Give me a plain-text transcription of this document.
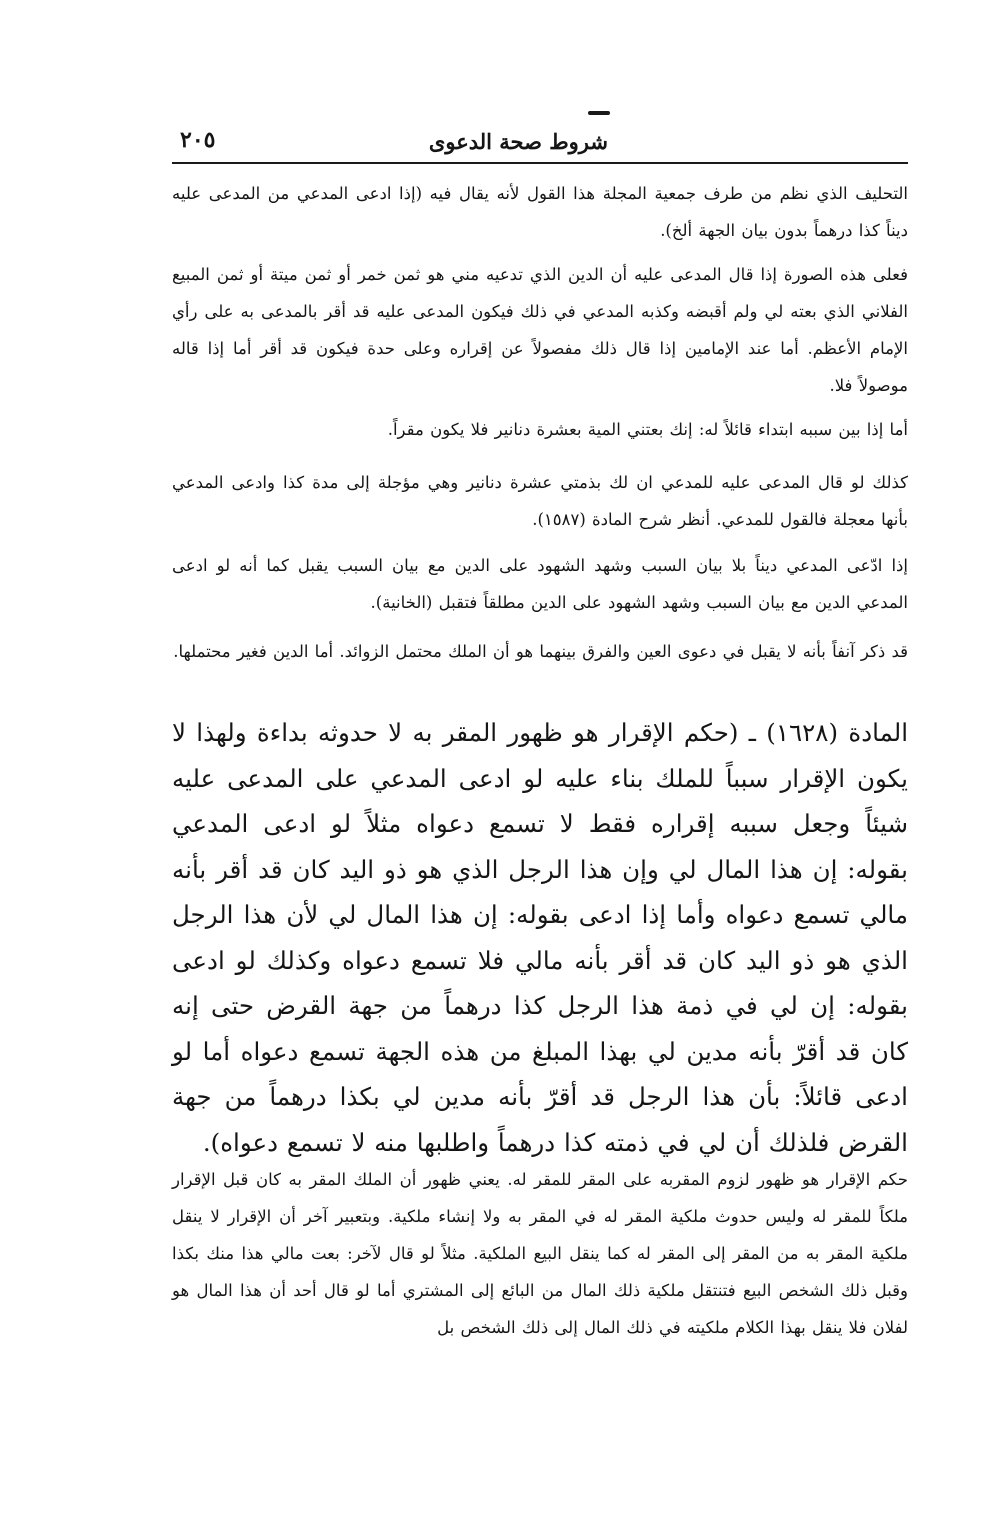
شروط صحة الدعوى
٢٠٥

التحليف الذي نظم من طرف جمعية المجلة هذا القول لأنه يقال فيه (إذا ادعى المدعي من المدعى عليه ديناً كذا درهماً بدون بيان الجهة ألخ).

فعلى هذه الصورة إذا قال المدعى عليه أن الدين الذي تدعيه مني هو ثمن خمر أو ثمن ميتة أو ثمن المبيع الفلاني الذي بعته لي ولم أقبضه وكذبه المدعي في ذلك فيكون المدعى عليه قد أقر بالمدعى به على رأي الإمام الأعظم. أما عند الإمامين إذا قال ذلك مفصولاً عن إقراره وعلى حدة فيكون قد أقر أما إذا قاله موصولاً فلا.

أما إذا بين سببه ابتداء قائلاً له: إنك بعتني المية بعشرة دنانير فلا يكون مقراً.

كذلك لو قال المدعى عليه للمدعي ان لك بذمتي عشرة دنانير وهي مؤجلة إلى مدة كذا وادعى المدعي بأنها معجلة فالقول للمدعي. أنظر شرح المادة (١٥٨٧).

إذا ادّعى المدعي ديناً بلا بيان السبب وشهد الشهود على الدين مع بيان السبب يقبل كما أنه لو ادعى المدعي الدين مع بيان السبب وشهد الشهود على الدين مطلقاً فتقبل (الخانية).

قد ذكر آنفاً بأنه لا يقبل في دعوى العين والفرق بينهما هو أن الملك محتمل الزوائد. أما الدين فغير محتملها.

المادة (١٦٢٨) ـ (حكم الإقرار هو ظهور المقر به لا حدوثه بداءة ولهذا لا يكون الإقرار سبباً للملك بناء عليه لو ادعى المدعي على المدعى عليه شيئاً وجعل سببه إقراره فقط لا تسمع دعواه مثلاً لو ادعى المدعي بقوله: إن هذا المال لي وإن هذا الرجل الذي هو ذو اليد كان قد أقر بأنه مالي تسمع دعواه وأما إذا ادعى بقوله: إن هذا المال لي لأن هذا الرجل الذي هو ذو اليد كان قد أقر بأنه مالي فلا تسمع دعواه وكذلك لو ادعى بقوله: إن لي في ذمة هذا الرجل كذا درهماً من جهة القرض حتى إنه كان قد أقرّ بأنه مدين لي بهذا المبلغ من هذه الجهة تسمع دعواه أما لو ادعى قائلاً: بأن هذا الرجل قد أقرّ بأنه مدين لي بكذا درهماً من جهة القرض فلذلك أن لي في ذمته كذا درهماً واطلبها منه لا تسمع دعواه).

حكم الإقرار هو ظهور لزوم المقربه على المقر للمقر له. يعني ظهور أن الملك المقر به كان قبل الإقرار ملكاً للمقر له وليس حدوث ملكية المقر له في المقر به ولا إنشاء ملكية. وبتعبير آخر أن الإقرار لا ينقل ملكية المقر به من المقر إلى المقر له كما ينقل البيع الملكية. مثلاً لو قال لآخر: بعت مالي هذا منك بكذا وقبل ذلك الشخص البيع فتنتقل ملكية ذلك المال من البائع إلى المشتري أما لو قال أحد أن هذا المال هو لفلان فلا ينقل بهذا الكلام ملكيته في ذلك المال إلى ذلك الشخص بل
